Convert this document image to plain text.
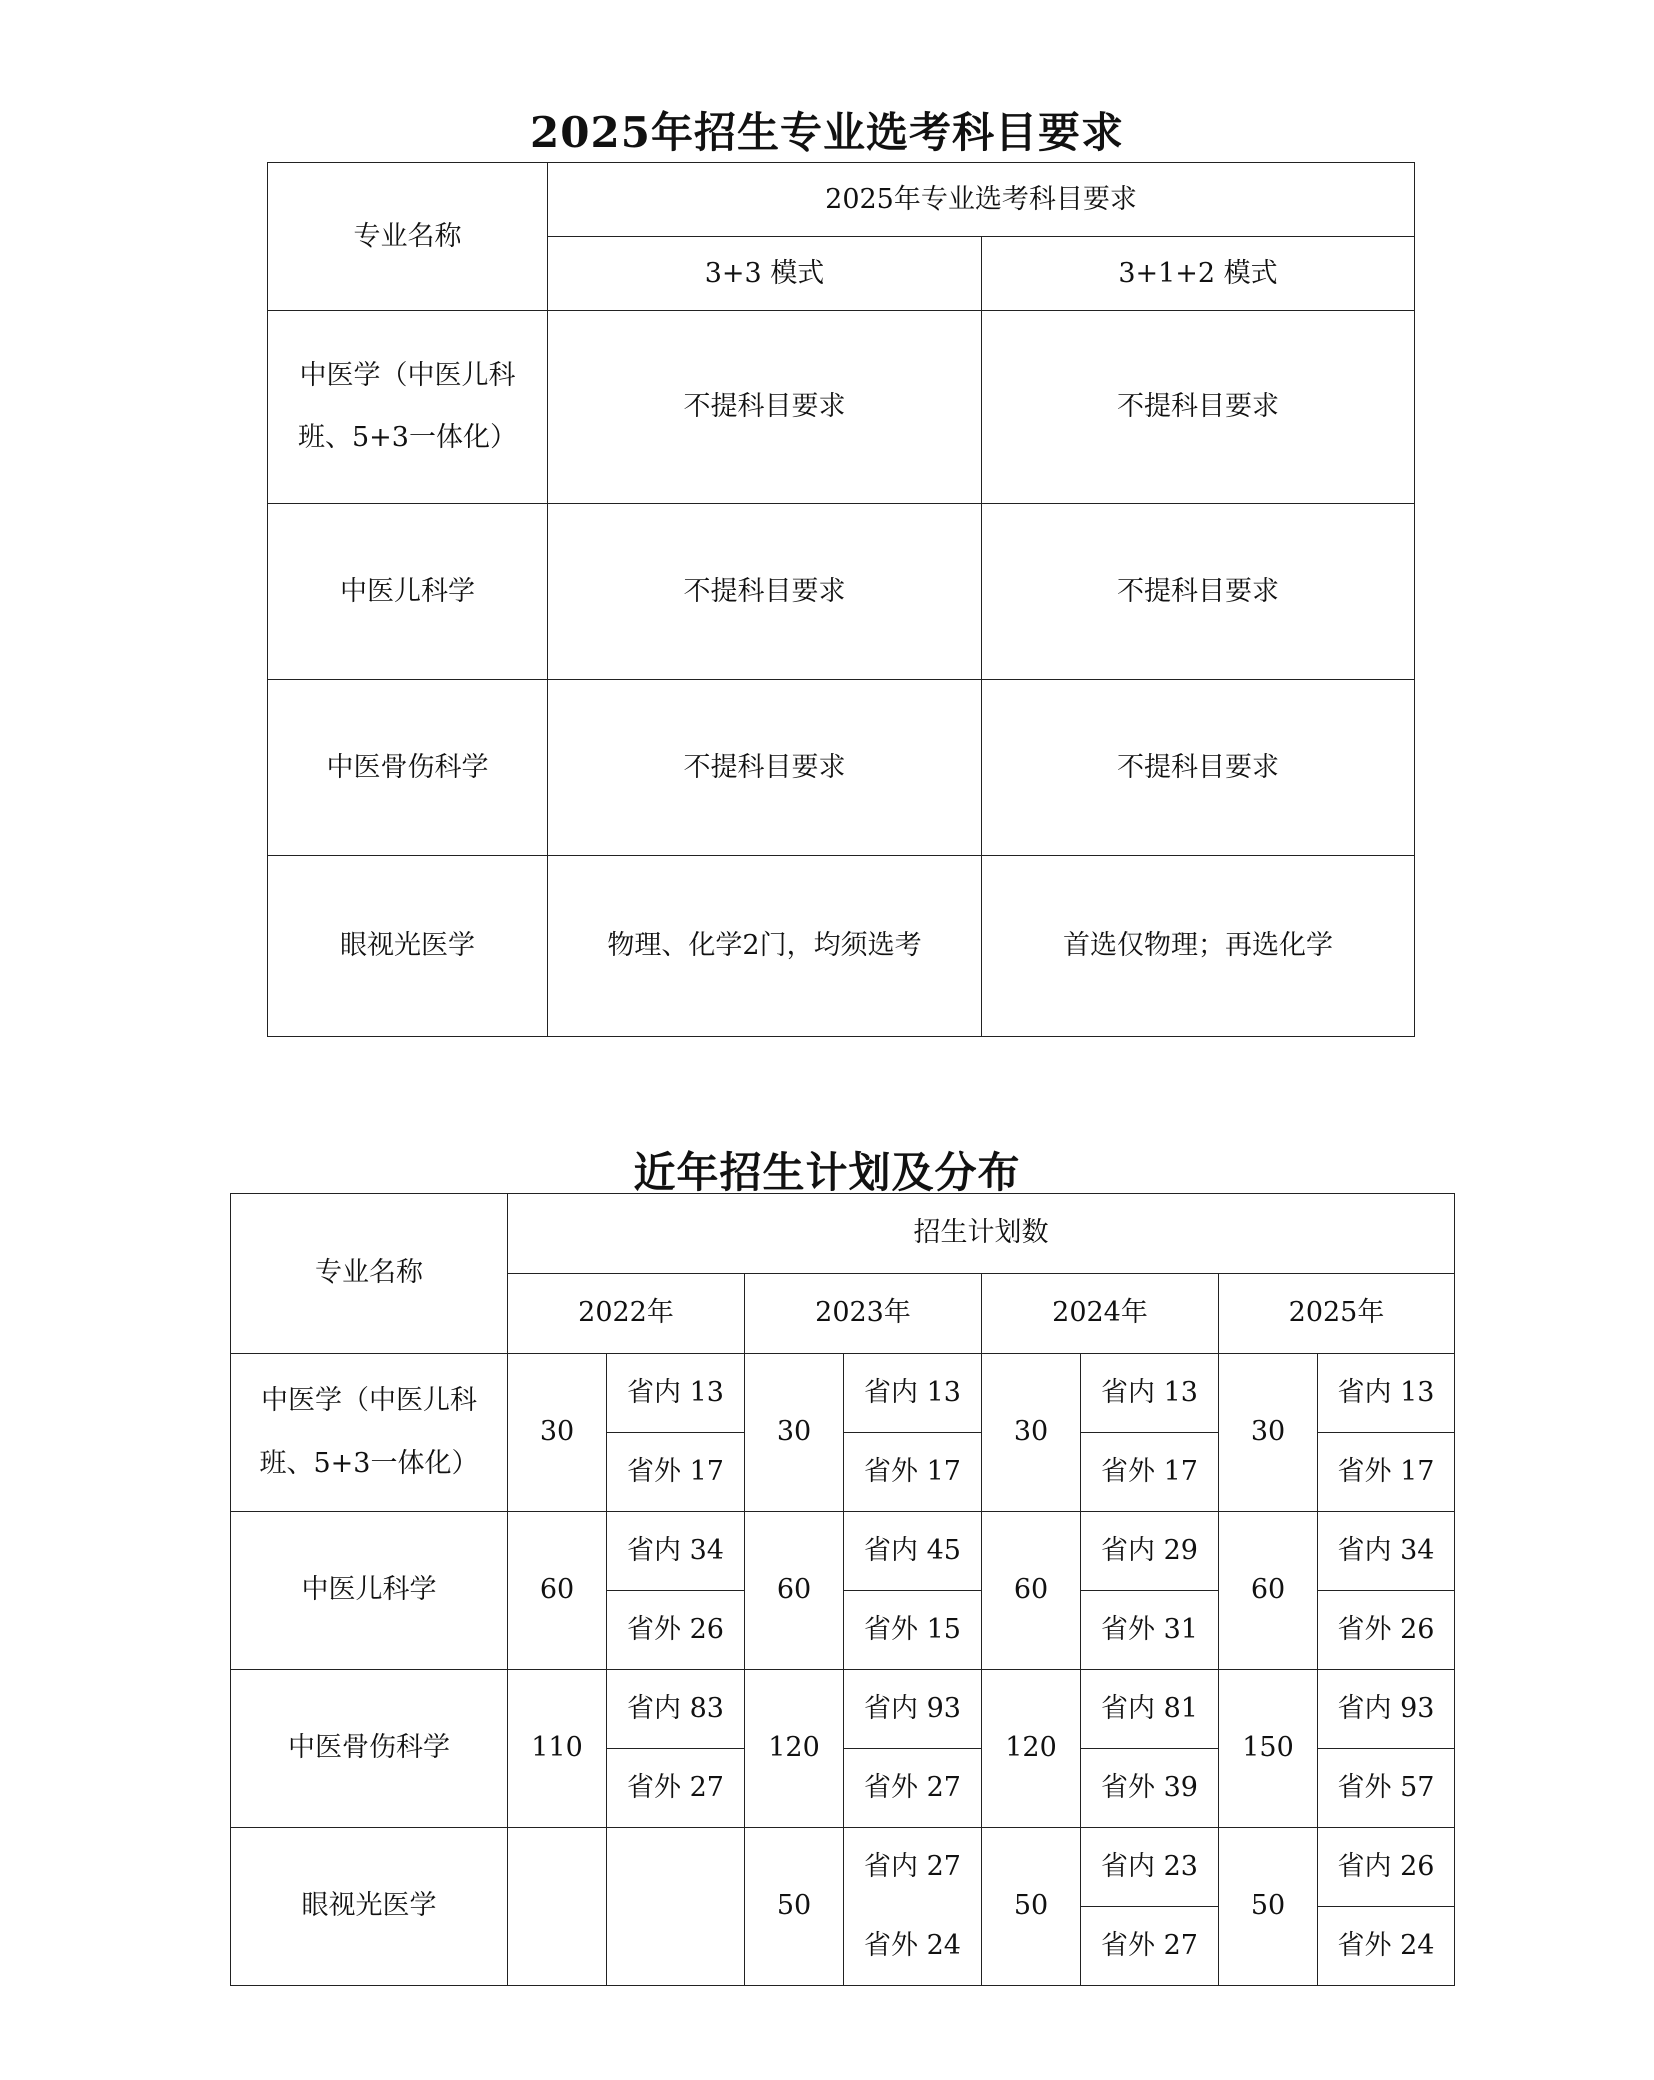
2025年招生专业选考科目要求
专业名称	2025年专业选考科目要求	
	3+3 模式	3+1+2 模式
中医学（中医儿科班、5+3一体化）	不提科目要求	不提科目要求
中医儿科学	不提科目要求	不提科目要求
中医骨伤科学	不提科目要求	不提科目要求
眼视光医学	物理、化学2门，均须选考	首选仅物理；再选化学
近年招生计划及分布
专业名称	招生计划数							
	2022年		2023年		2024年		2025年	
中医学（中医儿科班、5+3一体化）	30	省内 13	30	省内 13	30	省内 13	30	省内 13
		省外 17		省外 17		省外 17		省外 17
中医儿科学	60	省内 34	60	省内 45	60	省内 29	60	省内 34
		省外 26		省外 15		省外 31		省外 26
中医骨伤科学	110	省内 83	120	省内 93	120	省内 81	150	省内 93
		省外 27		省外 27		省外 39		省外 57
眼视光医学			50	省内 27	50	省内 23	50	省内 26
				省外 24		省外 27		省外 24
